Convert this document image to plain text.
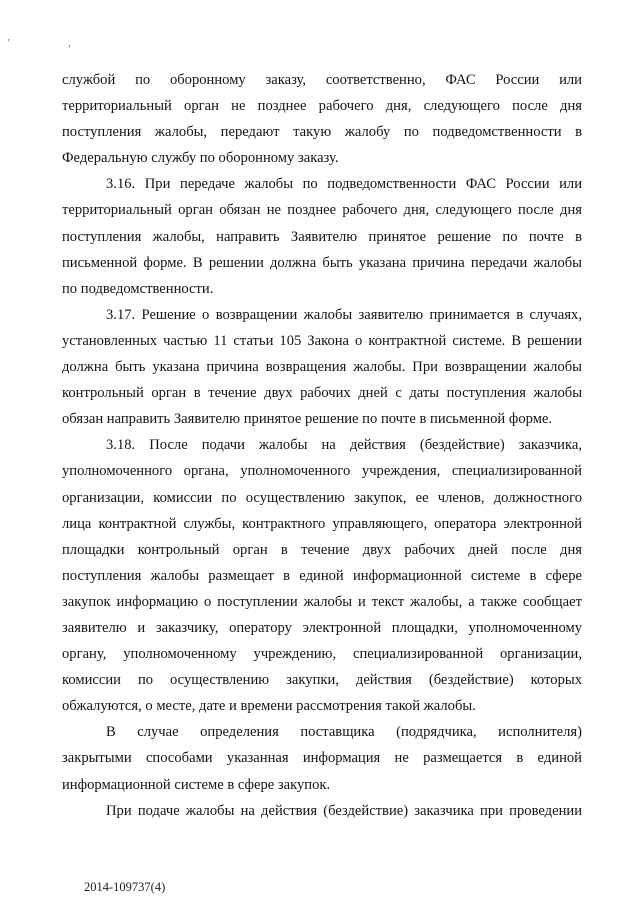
' ,
службой по оборонному заказу, соответственно, ФАС России или
территориальный орган не позднее рабочего дня, следующего после дня
поступления жалобы, передают такую жалобу по подведомственности в
Федеральную службу по оборонному заказу.
3.16. При передаче жалобы по подведомственности ФАС России или
территориальный орган обязан не позднее рабочего дня, следующего после дня
поступления жалобы, направить Заявителю принятое решение по почте в
письменной форме. В решении должна быть указана причина передачи жалобы
по подведомственности.
3.17. Решение о возвращении жалобы заявителю принимается в случаях,
установленных частью 11 статьи 105 Закона о контрактной системе. В решении
должна быть указана причина возвращения жалобы. При возвращении жалобы
контрольный орган в течение двух рабочих дней с даты поступления жалобы
обязан направить Заявителю принятое решение по почте в письменной форме.
3.18. После подачи жалобы на действия (бездействие) заказчика,
уполномоченного органа, уполномоченного учреждения, специализированной
организации, комиссии по осуществлению закупок, ее членов, должностного
лица контрактной службы, контрактного управляющего, оператора электронной
площадки контрольный орган в течение двух рабочих дней после дня
поступления жалобы размещает в единой информационной системе в сфере
закупок информацию о поступлении жалобы и текст жалобы, а также сообщает
заявителю и заказчику, оператору электронной площадки, уполномоченному
органу, уполномоченному учреждению, специализированной организации,
комиссии по осуществлению закупки, действия (бездействие) которых
обжалуются, о месте, дате и времени рассмотрения такой жалобы.
В случае определения поставщика (подрядчика, исполнителя)
закрытыми способами указанная информация не размещается в единой
информационной системе в сфере закупок.
При подаче жалобы на действия (бездействие) заказчика при проведении
2014-109737(4)
